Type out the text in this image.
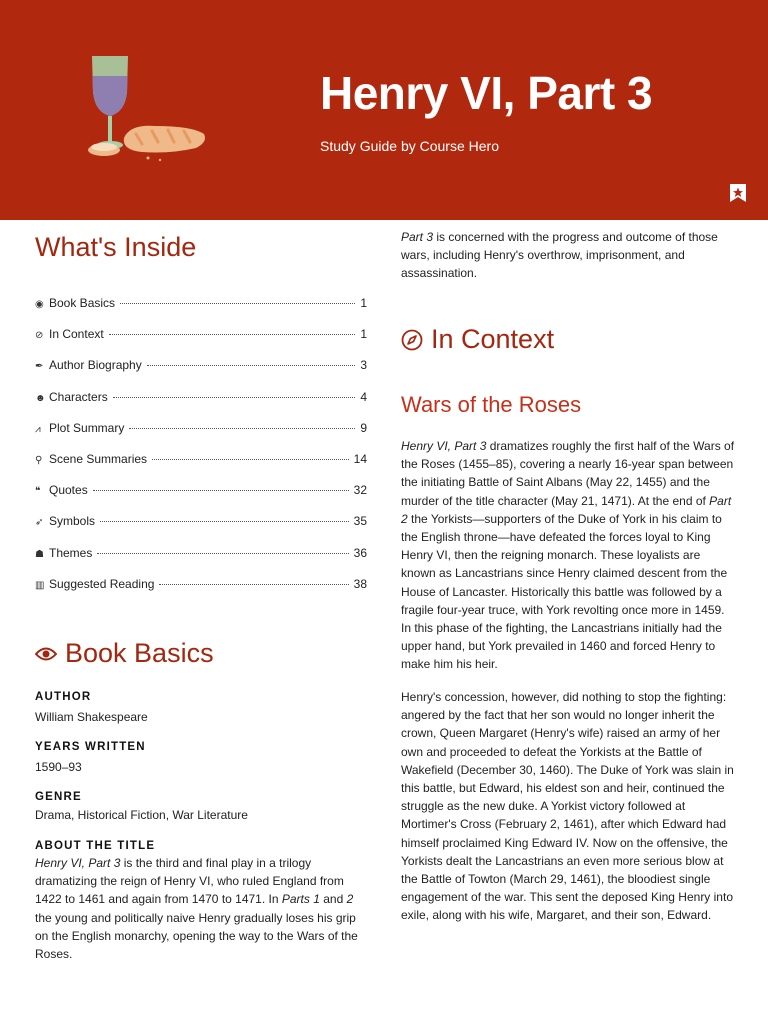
Henry VI, Part 3
Study Guide by Course Hero
What's Inside
◉ Book Basics	1
⊘ In Context	1
✒ Author Biography	3
☻ Characters	4
⩘ Plot Summary	9
⚲ Scene Summaries	14
❝ Quotes	32
➶ Symbols	35
☗ Themes	36
▥ Suggested Reading	38
Book Basics
AUTHOR
William Shakespeare
YEARS WRITTEN
1590–93
GENRE
Drama, Historical Fiction, War Literature
ABOUT THE TITLE
Henry VI, Part 3 is the third and final play in a trilogy dramatizing the reign of Henry VI, who ruled England from 1422 to 1461 and again from 1470 to 1471. In Parts 1 and 2 the young and politically naive Henry gradually loses his grip on the English monarchy, opening the way to the Wars of the Roses.
Part 3 is concerned with the progress and outcome of those wars, including Henry's overthrow, imprisonment, and assassination.
In Context
Wars of the Roses
Henry VI, Part 3 dramatizes roughly the first half of the Wars of the Roses (1455–85), covering a nearly 16-year span between the initiating Battle of Saint Albans (May 22, 1455) and the murder of the title character (May 21, 1471). At the end of Part 2 the Yorkists—supporters of the Duke of York in his claim to the English throne—have defeated the forces loyal to King Henry VI, then the reigning monarch. These loyalists are known as Lancastrians since Henry claimed descent from the House of Lancaster. Historically this battle was followed by a fragile four-year truce, with York revolting once more in 1459. In this phase of the fighting, the Lancastrians initially had the upper hand, but York prevailed in 1460 and forced Henry to make him his heir.
Henry's concession, however, did nothing to stop the fighting: angered by the fact that her son would no longer inherit the crown, Queen Margaret (Henry's wife) raised an army of her own and proceeded to defeat the Yorkists at the Battle of Wakefield (December 30, 1460). The Duke of York was slain in this battle, but Edward, his eldest son and heir, continued the struggle as the new duke. A Yorkist victory followed at Mortimer's Cross (February 2, 1461), after which Edward had himself proclaimed King Edward IV. Now on the offensive, the Yorkists dealt the Lancastrians an even more serious blow at the Battle of Towton (March 29, 1461), the bloodiest single engagement of the war. This sent the deposed King Henry into exile, along with his wife, Margaret, and their son, Edward.
